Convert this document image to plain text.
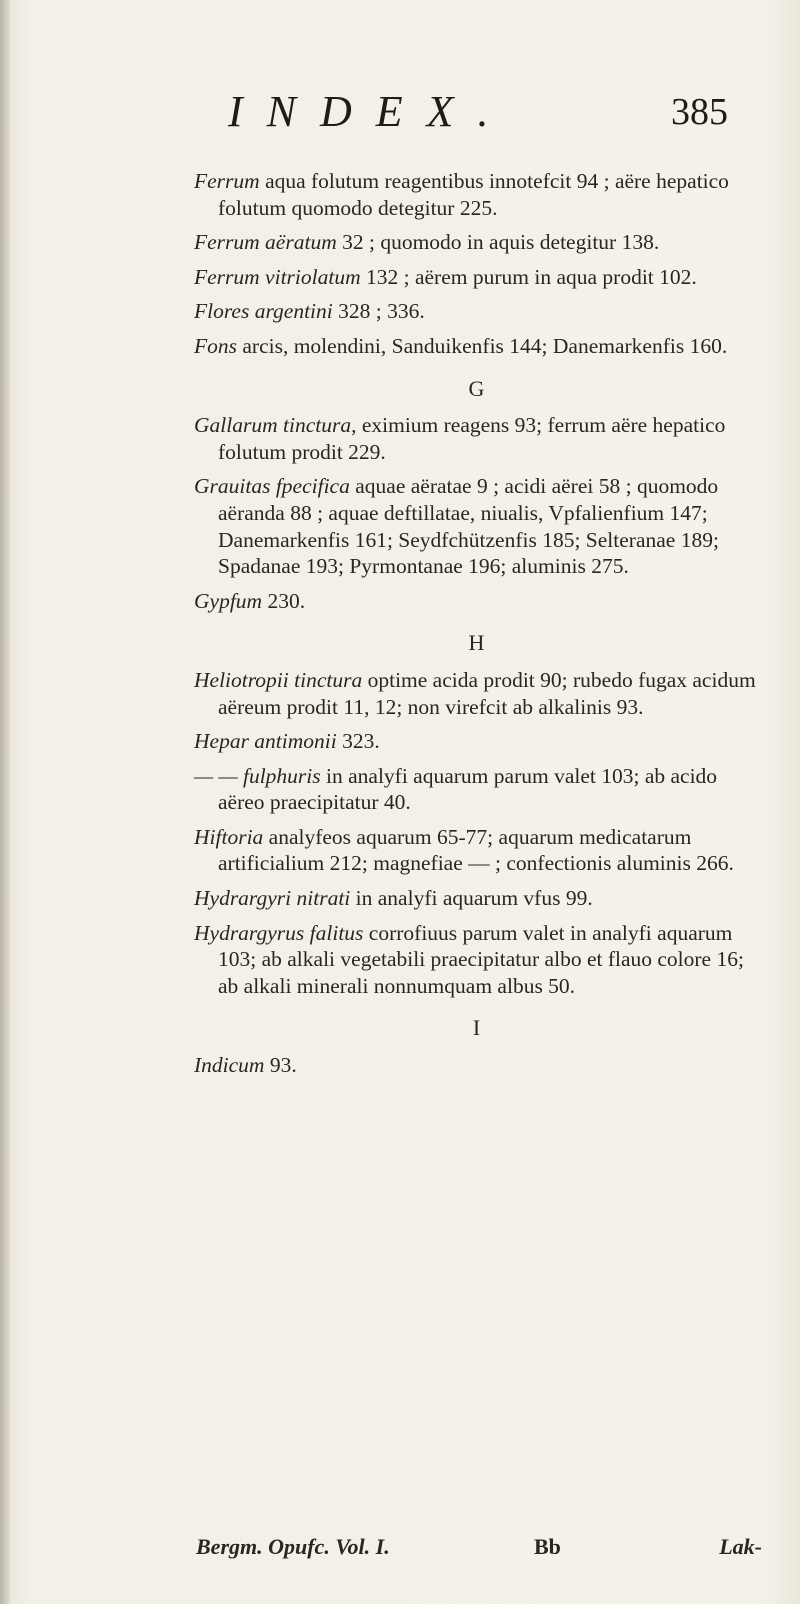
INDEX.	385

Ferrum aqua folutum reagentibus innotefcit 94 ; aëre hepatico folutum quomodo detegitur 225.

Ferrum aëratum 32 ; quomodo in aquis detegitur 138.

Ferrum vitriolatum 132 ; aërem purum in aqua prodit 102.

Flores argentini 328 ; 336.

Fons arcis, molendini, Sanduikenfis 144; Danemarkenfis 160.

G

Gallarum tinctura, eximium reagens 93; ferrum aëre hepatico folutum prodit 229.

Grauitas fpecifica aquae aëratae 9 ; acidi aërei 58 ; quomodo aëranda 88 ; aquae deftillatae, niualis, Vpfalienfium 147; Danemarkenfis 161; Seydfchützenfis 185; Selteranae 189; Spadanae 193; Pyrmontanae 196; aluminis 275.

Gypfum 230.

H

Heliotropii tinctura optime acida prodit 90; rubedo fugax acidum aëreum prodit 11, 12; non virefcit ab alkalinis 93.

Hepar antimonii 323.

— — fulphuris in analyfi aquarum parum valet 103; ab acido aëreo praecipitatur 40.

Hiftoria analyfeos aquarum 65-77; aquarum medicatarum artificialium 212; magnefiae — ; confectionis aluminis 266.

Hydrargyri nitrati in analyfi aquarum vfus 99.

Hydrargyrus falitus corrofiuus parum valet in analyfi aquarum 103; ab alkali vegetabili praecipitatur albo et flauo colore 16; ab alkali minerali nonnumquam albus 50.

I

Indicum 93.

Bergm. Opufc. Vol. I.	Bb	Lak-
